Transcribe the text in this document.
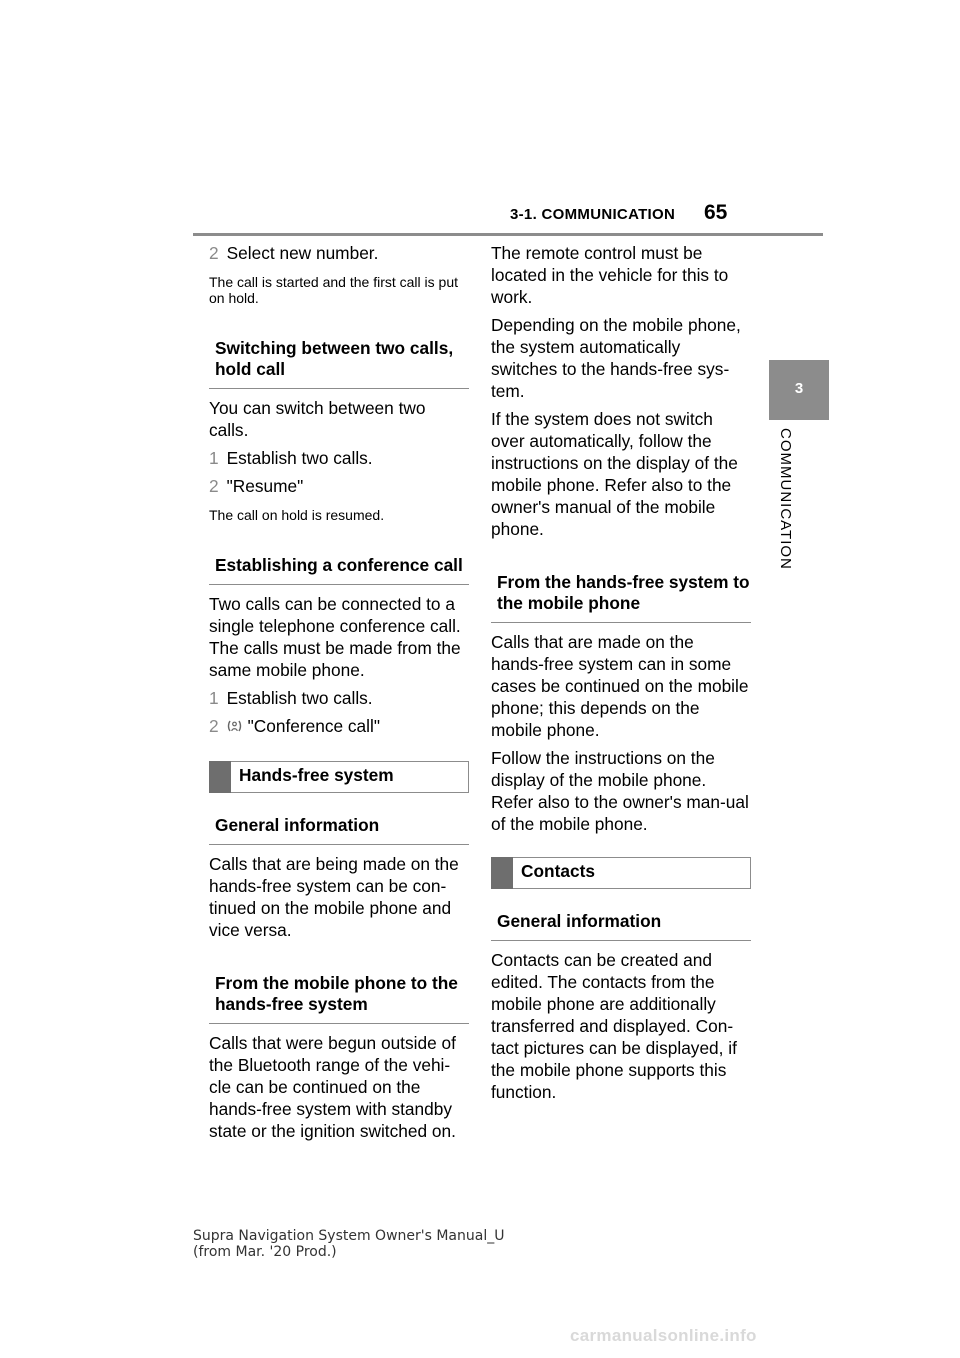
3-1. COMMUNICATION 65
3
COMMUNICATION

2 Select new number.

The call is started and the first call is put on hold.

Switching between two calls, hold call

You can switch between two calls.

1 Establish two calls.

2 "Resume"

The call on hold is resumed.

Establishing a conference call

Two calls can be connected to a single telephone conference call. The calls must be made from the same mobile phone.

1 Establish two calls.

2 "Conference call"

Hands-free system
General information

Calls that are being made on the hands-free system can be con-tinued on the mobile phone and vice versa.

From the mobile phone to the hands-free system

Calls that were begun outside of the Bluetooth range of the vehi-cle can be continued on the hands-free system with standby state or the ignition switched on.

The remote control must be located in the vehicle for this to work.

Depending on the mobile phone, the system automatically switches to the hands-free sys-tem.

If the system does not switch over automatically, follow the instructions on the display of the mobile phone. Refer also to the owner's manual of the mobile phone.

From the hands-free system to the mobile phone

Calls that are made on the hands-free system can in some cases be continued on the mobile phone; this depends on the mobile phone.

Follow the instructions on the display of the mobile phone. Refer also to the owner's man-ual of the mobile phone.

Contacts
General information

Contacts can be created and edited. The contacts from the mobile phone are additionally transferred and displayed. Con-tact pictures can be displayed, if the mobile phone supports this function.

Supra Navigation System Owner's Manual_U
(from Mar. '20 Prod.)
carmanualsonline.info
